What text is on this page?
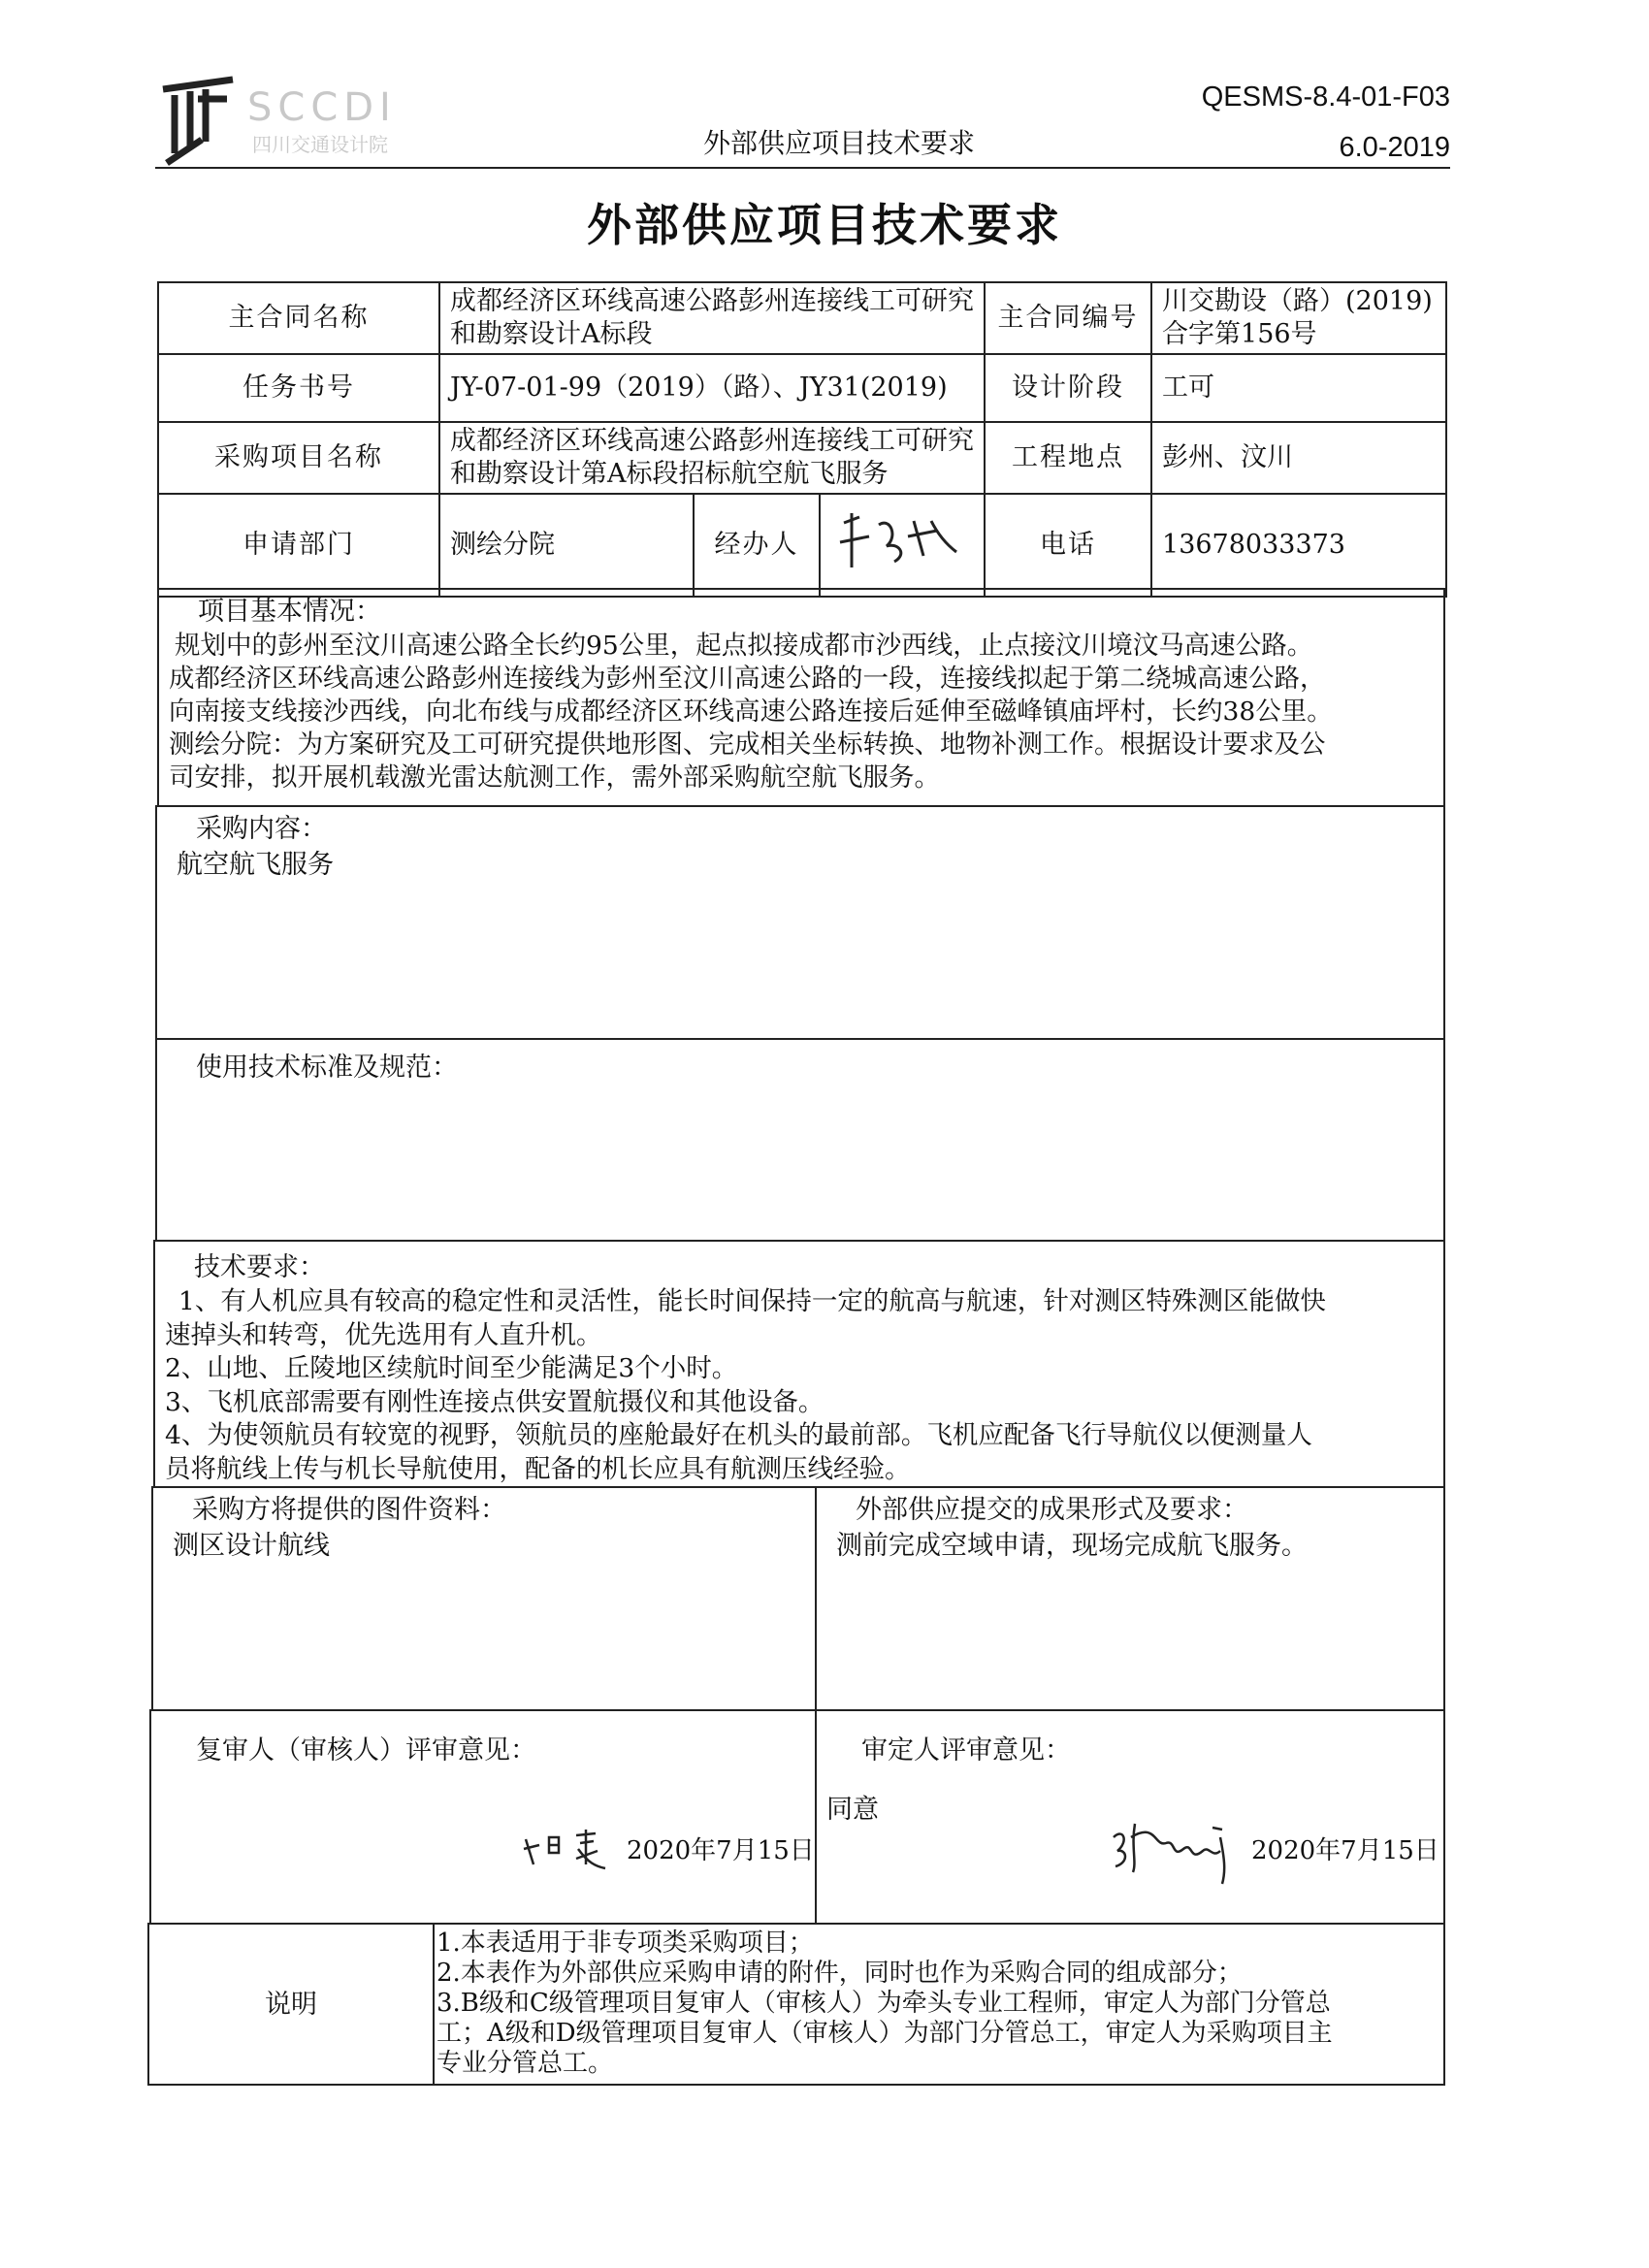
SCCDI
四川交通设计院
QESMS-8.4-01-F03
6.0-2019
外部供应项目技术要求
外部供应项目技术要求
主合同名称	成都经济区环线高速公路彭州连接线工可研究和勘察设计A标段			主合同编号	川交勘设（路）(2019)合字第156号
任务书号	JY-07-01-99（2019）（路）、JY31(2019)			设计阶段	工可
采购项目名称	成都经济区环线高速公路彭州连接线工可研究和勘察设计第A标段招标航空航飞服务			工程地点	彭州、汶川
申请部门	测绘分院	经办人		电话	13678033373
项目基本情况：
规划中的彭州至汶川高速公路全长约95公里，起点拟接成都市沙西线，止点接汶川境汶马高速公路。
成都经济区环线高速公路彭州连接线为彭州至汶川高速公路的一段，连接线拟起于第二绕城高速公路，
向南接支线接沙西线，向北布线与成都经济区环线高速公路连接后延伸至磁峰镇庙坪村，长约38公里。
测绘分院：为方案研究及工可研究提供地形图、完成相关坐标转换、地物补测工作。根据设计要求及公
司安排，拟开展机载激光雷达航测工作，需外部采购航空航飞服务。
采购内容：
航空航飞服务
使用技术标准及规范：
技术要求：
1、有人机应具有较高的稳定性和灵活性，能长时间保持一定的航高与航速，针对测区特殊测区能做快
速掉头和转弯，优先选用有人直升机。
2、山地、丘陵地区续航时间至少能满足3个小时。
3、飞机底部需要有刚性连接点供安置航摄仪和其他设备。
4、为使领航员有较宽的视野，领航员的座舱最好在机头的最前部。飞机应配备飞行导航仪以便测量人
员将航线上传与机长导航使用，配备的机长应具有航测压线经验。
采购方将提供的图件资料：
测区设计航线
外部供应提交的成果形式及要求：
测前完成空域申请，现场完成航飞服务。
复审人（审核人）评审意见：
2020年7月15日
审定人评审意见：
同意
2020年7月15日
说明
1.本表适用于非专项类采购项目；
2.本表作为外部供应采购申请的附件，同时也作为采购合同的组成部分；
3.B级和C级管理项目复审人（审核人）为牵头专业工程师，审定人为部门分管总
工；A级和D级管理项目复审人（审核人）为部门分管总工，审定人为采购项目主
专业分管总工。
